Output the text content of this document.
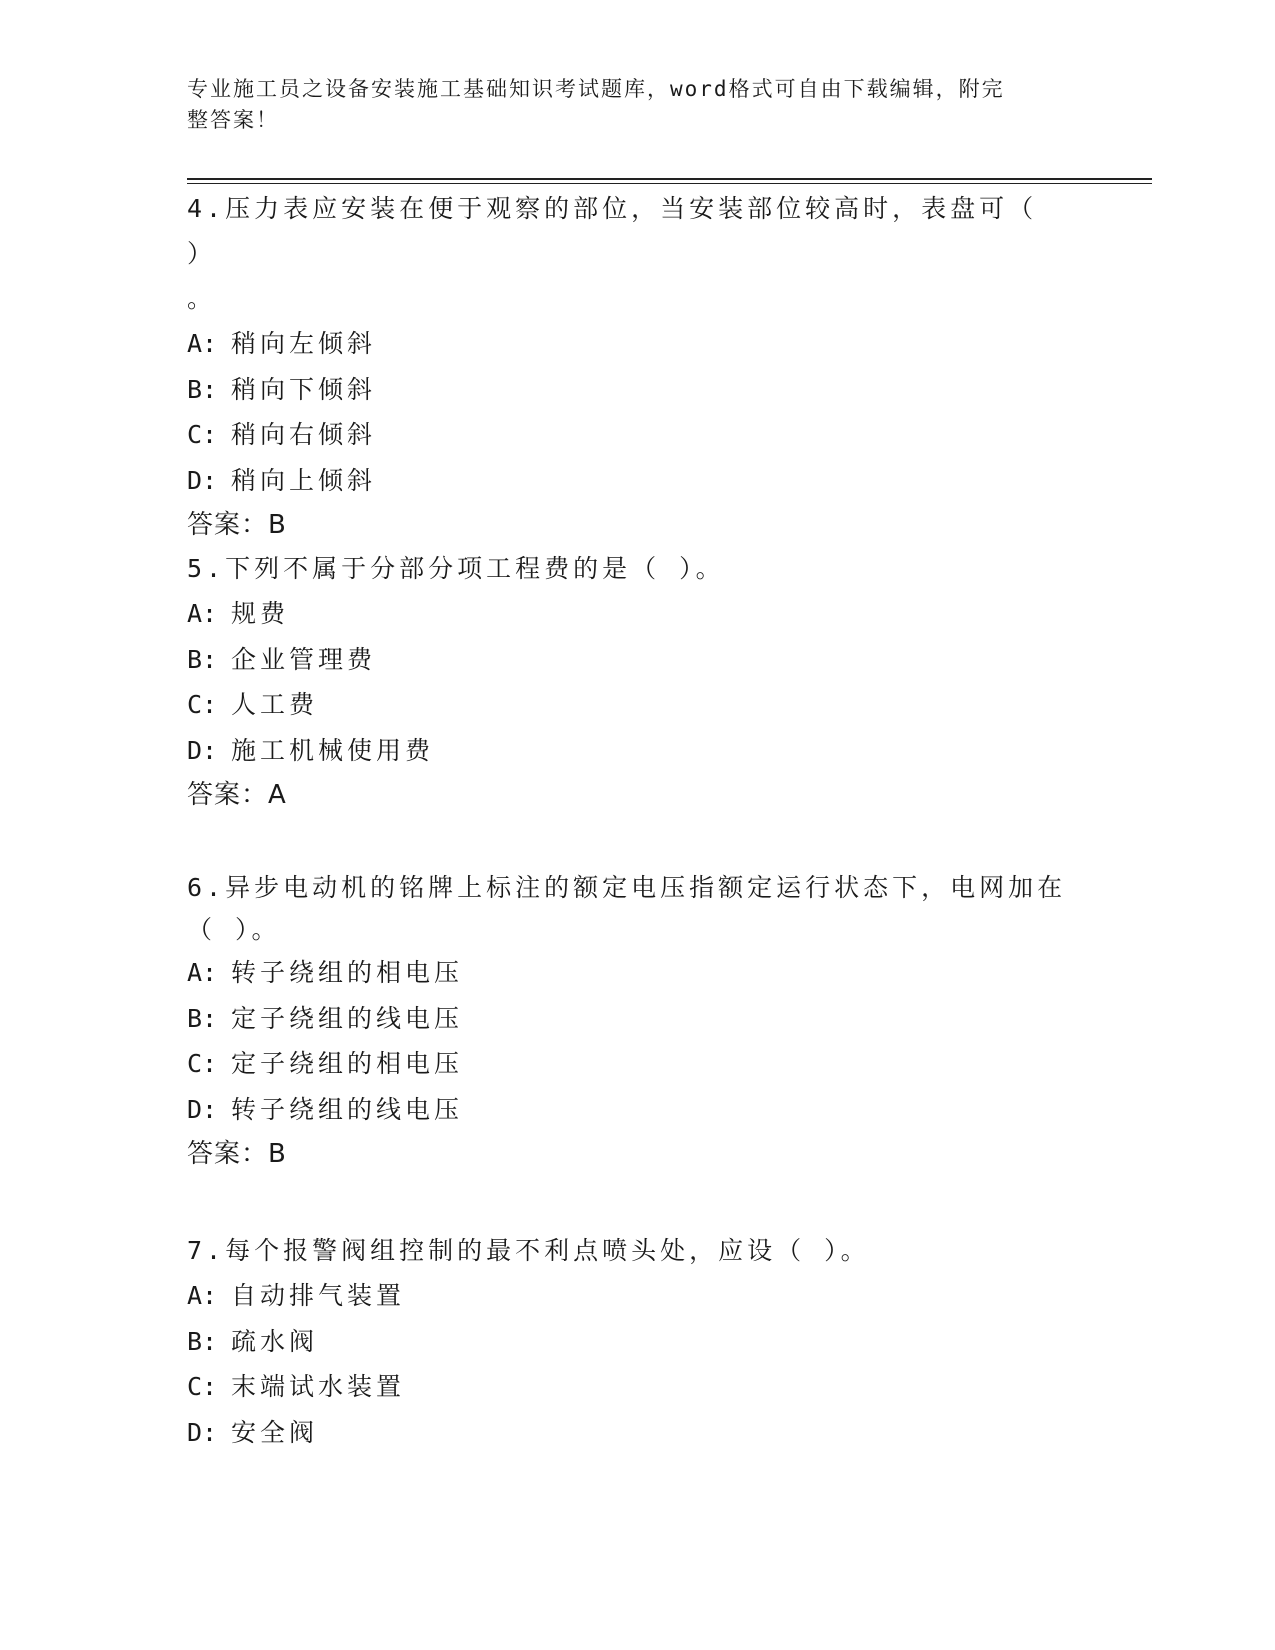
专业施工员之设备安装施工基础知识考试题库，word格式可自由下载编辑，附完
整答案！
4.压力表应安装在便于观察的部位，当安装部位较高时，表盘可（ ）
。
A: 稍向左倾斜
B: 稍向下倾斜
C: 稍向右倾斜
D: 稍向上倾斜
答案：B
5.下列不属于分部分项工程费的是（ ）。
A: 规费
B: 企业管理费
C: 人工费
D: 施工机械使用费
答案：A
6.异步电动机的铭牌上标注的额定电压指额定运行状态下，电网加在
（ ）。
A: 转子绕组的相电压
B: 定子绕组的线电压
C: 定子绕组的相电压
D: 转子绕组的线电压
答案：B
7.每个报警阀组控制的最不利点喷头处，应设（ ）。
A: 自动排气装置
B: 疏水阀
C: 末端试水装置
D: 安全阀
